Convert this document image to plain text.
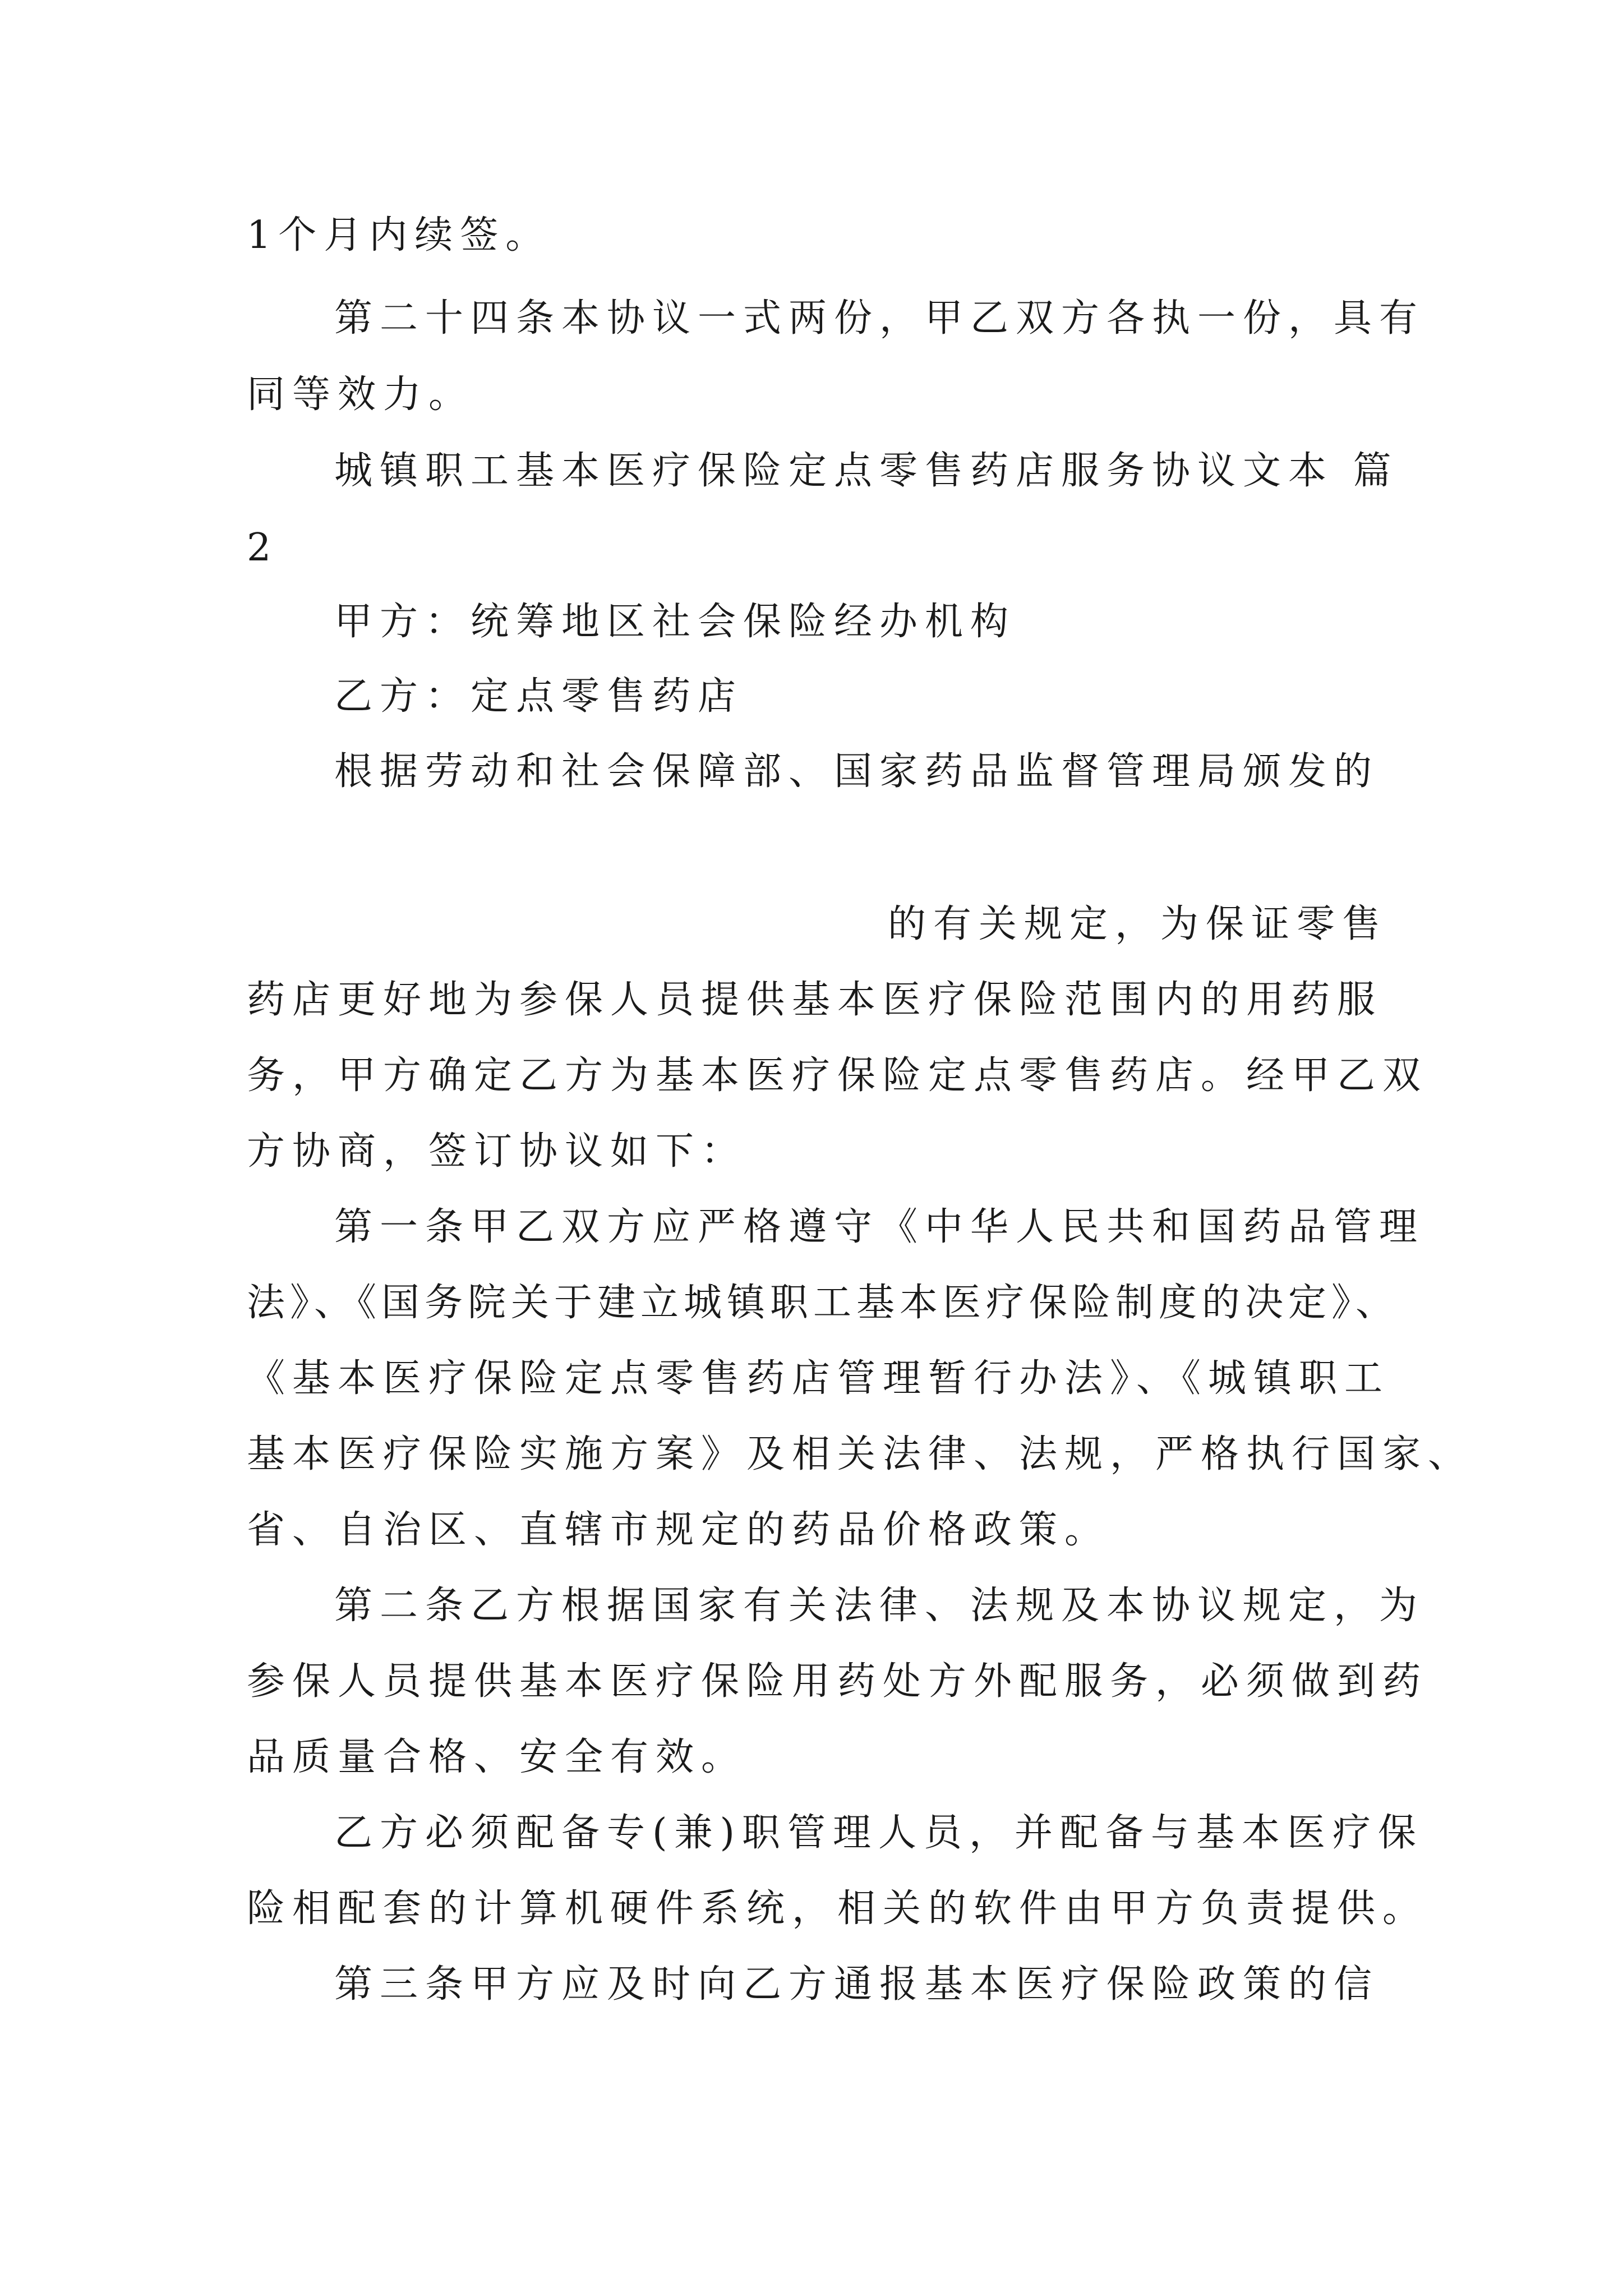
1个月内续签。
第二十四条本协议一式两份，甲乙双方各执一份，具有
同等效力。
城镇职工基本医疗保险定点零售药店服务协议文本 篇
2
甲方：统筹地区社会保险经办机构
乙方：定点零售药店
根据劳动和社会保障部、国家药品监督管理局颁发的
的有关规定，为保证零售
药店更好地为参保人员提供基本医疗保险范围内的用药服
务，甲方确定乙方为基本医疗保险定点零售药店。经甲乙双
方协商，签订协议如下：
第一条甲乙双方应严格遵守《中华人民共和国药品管理
法》、《国务院关于建立城镇职工基本医疗保险制度的决定》、
《基本医疗保险定点零售药店管理暂行办法》、《城镇职工
基本医疗保险实施方案》及相关法律、法规，严格执行国家、
省、自治区、直辖市规定的药品价格政策。
第二条乙方根据国家有关法律、法规及本协议规定，为
参保人员提供基本医疗保险用药处方外配服务，必须做到药
品质量合格、安全有效。
乙方必须配备专(兼)职管理人员，并配备与基本医疗保
险相配套的计算机硬件系统，相关的软件由甲方负责提供。
第三条甲方应及时向乙方通报基本医疗保险政策的信
